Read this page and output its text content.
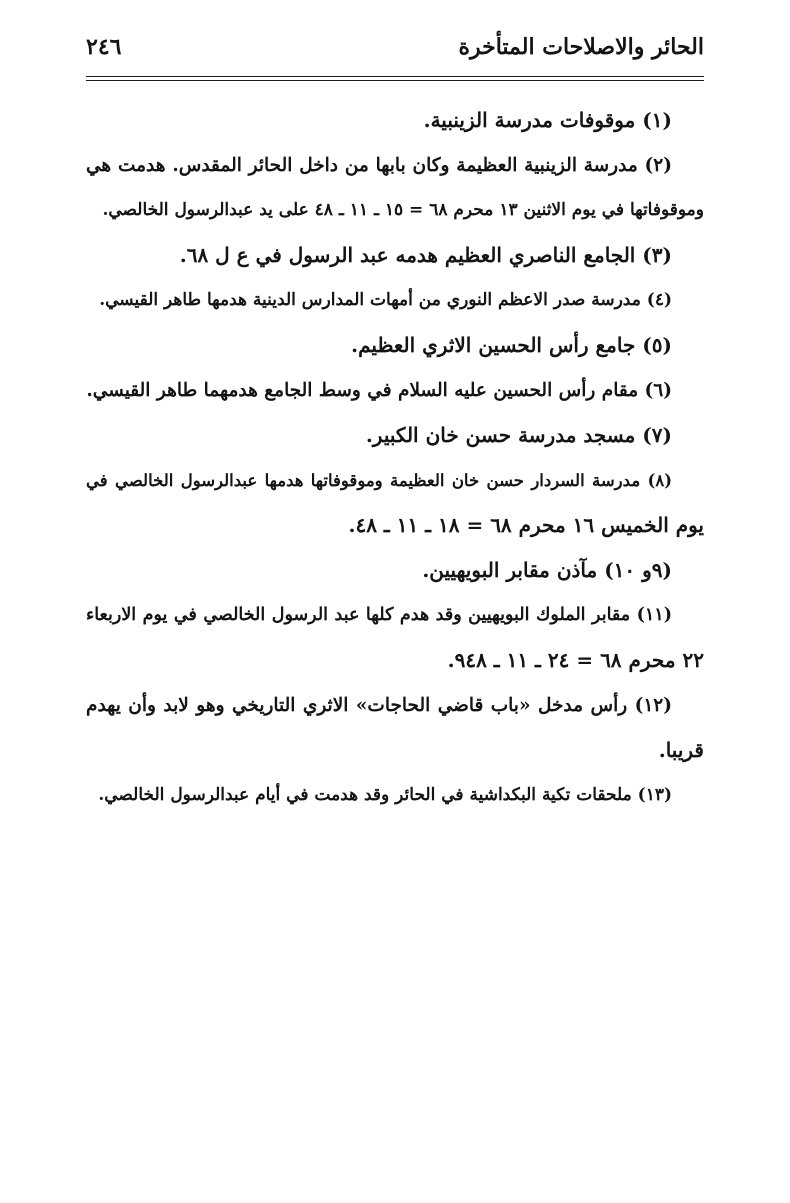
الحائر والاصلاحات المتأخرة
٢٤٦
(١) موقوفات مدرسة الزينبية.
(٢) مدرسة الزينبية العظيمة وكان بابها من داخل الحائر المقدس. هدمت هي
وموقوفاتها في يوم الاثنين ١٣ محرم ٦٨ = ١٥ ـ ١١ ـ ٤٨ على يد عبدالرسول الخالصي.
(٣) الجامع الناصري العظيم هدمه عبد الرسول في ع ل ٦٨.
(٤) مدرسة صدر الاعظم النوري من أمهات المدارس الدينية هدمها طاهر القيسي.
(٥) جامع رأس الحسين الاثري العظيم.
(٦) مقام رأس الحسين عليه السلام في وسط الجامع هدمهما طاهر القيسي.
(٧) مسجد مدرسة حسن خان الكبير.
(٨) مدرسة السردار حسن خان العظيمة وموقوفاتها هدمها عبدالرسول الخالصي في
يوم الخميس ١٦ محرم ٦٨ = ١٨ ـ ١١ ـ ٤٨.
(٩و ١٠) مآذن مقابر البويهيين.
(١١) مقابر الملوك البويهيين وقد هدم كلها عبد الرسول الخالصي في يوم الاربعاء
٢٢ محرم ٦٨ = ٢٤ ـ ١١ ـ ٩٤٨.
(١٢) رأس مدخل «باب قاضي الحاجات» الاثري التاريخي وهو لابد وأن يهدم
قريبا.
(١٣) ملحقات تكية البكداشية في الحائر وقد هدمت في أيام عبدالرسول الخالصي.
